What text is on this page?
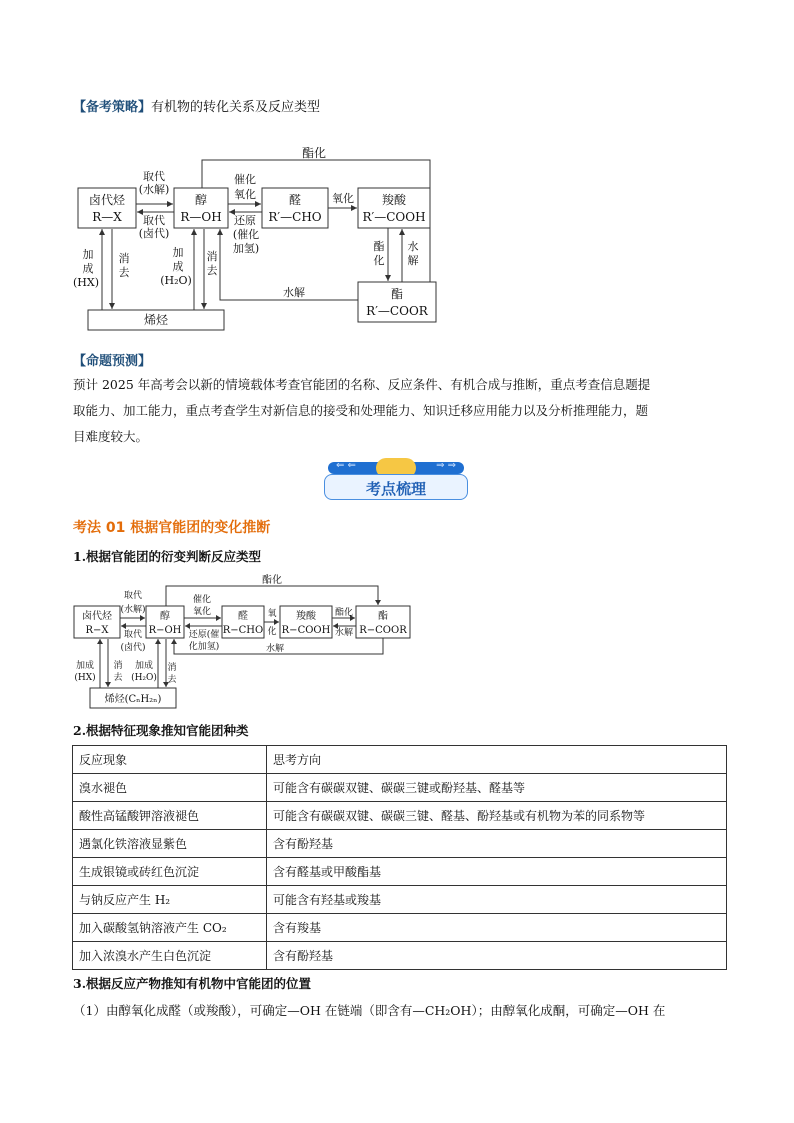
【备考策略】有机物的转化关系及反应类型
酯化
卤代烃
R—X
醇
R—OH
醛
R′—CHO
羧酸
R′—COOH
酯
R′—COOR
烯烃
取代
(水解)
取代
(卤代)
催化
氧化
还原
(催化
加氢)
氧化
酯
化
水
解
水解
加
成
(HX)
消
去
加
成
(H₂O)
消
去
【命题预测】
预计 2025 年高考会以新的情境载体考查官能团的名称、反应条件、有机合成与推断，重点考查信息题提
取能力、加工能力，重点考查学生对新信息的接受和处理能力、知识迁移应用能力以及分析推理能力，题
目难度较大。
⇐ ⇐	⇒ ⇒
考点梳理
考法 01 根据官能团的变化推断
1.根据官能团的衍变判断反应类型
酯化
卤代烃
R−X
醇
R−OH
醛
R−CHO
羧酸
R−COOH
酯
R−COOR
烯烃(CₙH₂ₙ)
取代
(水解)
取代
(卤代)
催化
氧化
还原(催
化加氢)
氧
化
酯化
水解
水解
加成
(HX)
消
去
加成
(H₂O)
消
去
2.根据特征现象推知官能团种类
反应现象	思考方向
溴水褪色	可能含有碳碳双键、碳碳三键或酚羟基、醛基等
酸性高锰酸钾溶液褪色	可能含有碳碳双键、碳碳三键、醛基、酚羟基或有机物为苯的同系物等
遇氯化铁溶液显紫色	含有酚羟基
生成银镜或砖红色沉淀	含有醛基或甲酸酯基
与钠反应产生 H₂	可能含有羟基或羧基
加入碳酸氢钠溶液产生 CO₂	含有羧基
加入浓溴水产生白色沉淀	含有酚羟基
3.根据反应产物推知有机物中官能团的位置
（1）由醇氧化成醛（或羧酸），可确定—OH 在链端（即含有—CH₂OH）；由醇氧化成酮，可确定—OH 在
